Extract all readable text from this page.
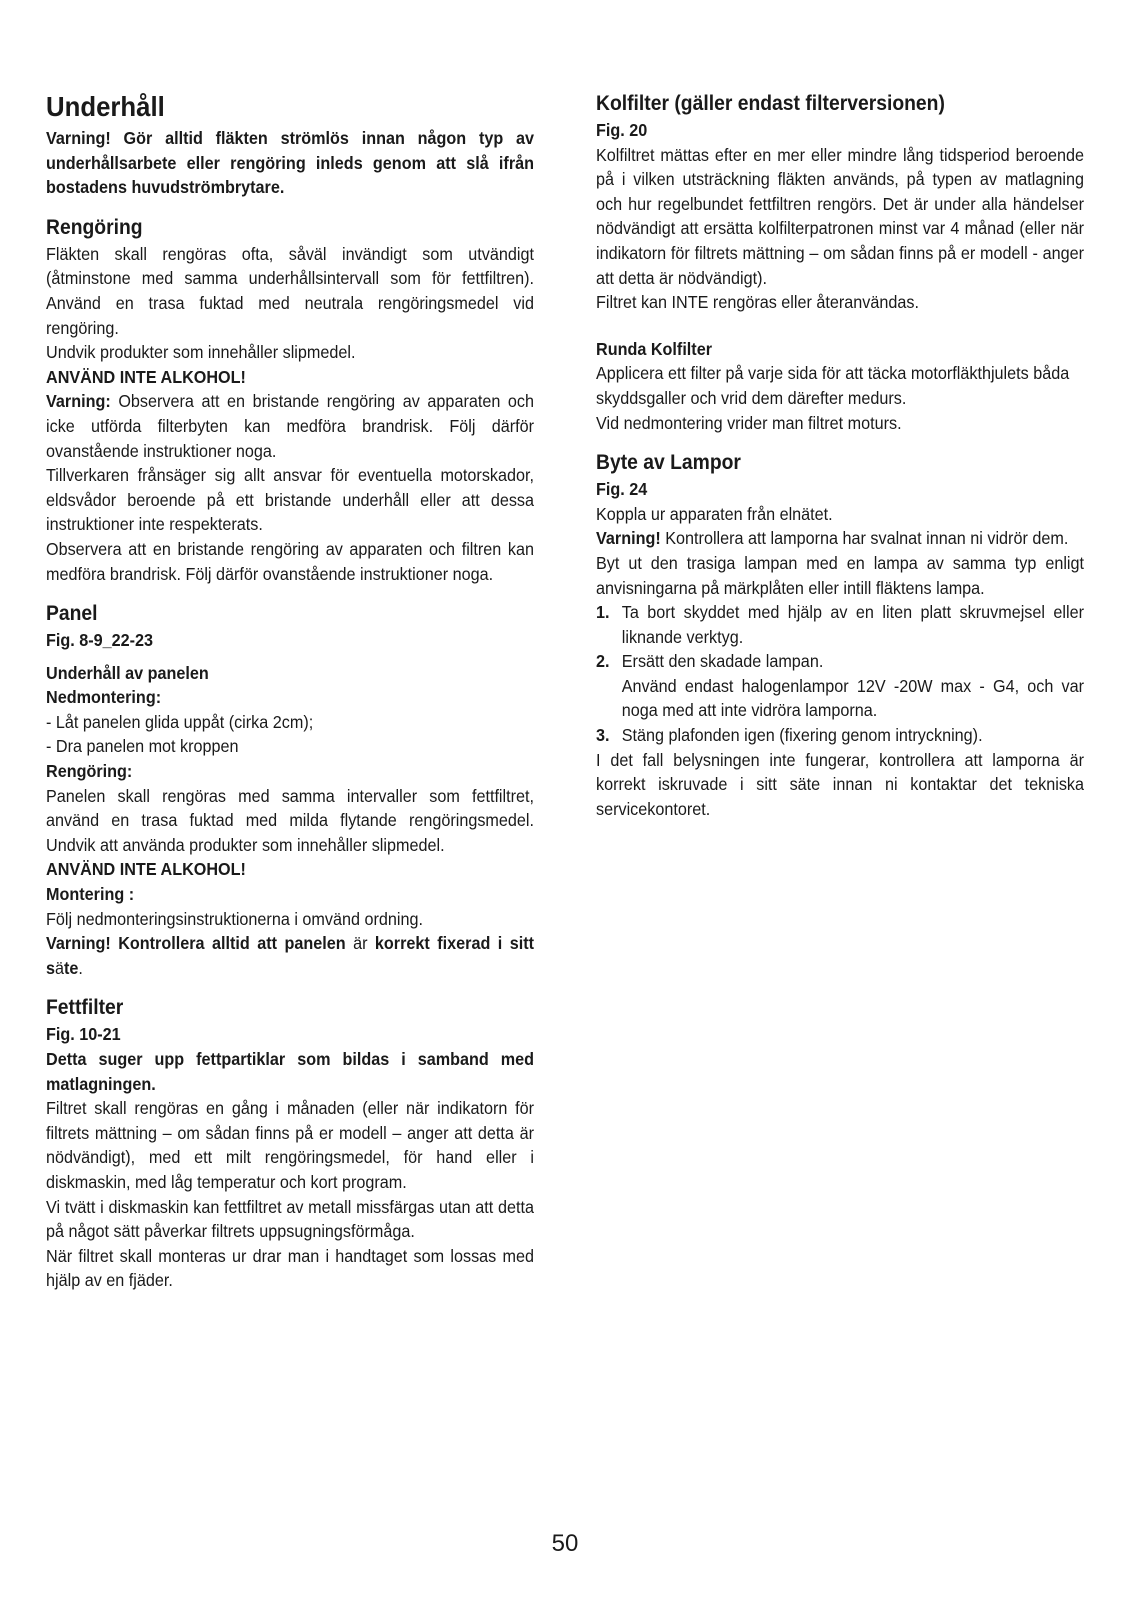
Underhåll

Varning! Gör alltid fläkten strömlös innan någon typ av underhållsarbete eller rengöring inleds genom att slå ifrån bostadens huvudströmbrytare.

Rengöring

Fläkten skall rengöras ofta, såväl invändigt som utvändigt (åtminstone med samma underhållsintervall som för fettfiltren). Använd en trasa fuktad med neutrala rengöringsmedel vid rengöring.

Undvik produkter som innehåller slipmedel.

ANVÄND INTE ALKOHOL!

Varning: Observera att en bristande rengöring av apparaten och icke utförda filterbyten kan medföra brandrisk. Följ därför ovanstående instruktioner noga.

Tillverkaren frånsäger sig allt ansvar för eventuella motorskador, eldsvådor beroende på ett bristande underhåll eller att dessa instruktioner inte respekterats.

Observera att en bristande rengöring av apparaten och filtren kan medföra brandrisk. Följ därför ovanstående instruktioner noga.

Panel

Fig. 8-9_22-23

Underhåll av panelen

Nedmontering:

- Låt panelen glida uppåt (cirka 2cm);

- Dra panelen mot kroppen

Rengöring:

Panelen skall rengöras med samma intervaller som fettfiltret, använd en trasa fuktad med milda flytande rengöringsmedel. Undvik att använda produkter som innehåller slipmedel.

ANVÄND INTE ALKOHOL!

Montering :

Följ nedmonteringsinstruktionerna i omvänd ordning.

Varning! Kontrollera alltid att panelen är korrekt fixerad i sitt säte.

Fettfilter

Fig. 10-21

Detta suger upp fettpartiklar som bildas i samband med matlagningen.

Filtret skall rengöras en gång i månaden (eller när indikatorn för filtrets mättning – om sådan finns på er modell – anger att detta är nödvändigt), med ett milt rengöringsmedel, för hand eller i diskmaskin, med låg temperatur och kort program.

Vi tvätt i diskmaskin kan fettfiltret av metall missfärgas utan att detta på något sätt påverkar filtrets uppsugningsförmåga.

När filtret skall monteras ur drar man i handtaget som lossas med hjälp av en fjäder.

Kolfilter (gäller endast filterversionen)

Fig. 20

Kolfiltret mättas efter en mer eller mindre lång tidsperiod beroende på i vilken utsträckning fläkten används, på typen av matlagning och hur regelbundet fettfiltren rengörs. Det är under alla händelser nödvändigt att ersätta kolfilterpatronen minst var 4 månad (eller när indikatorn för filtrets mättning – om sådan finns på er modell - anger att detta är nödvändigt).

Filtret kan INTE rengöras eller återanvändas.

Runda Kolfilter

Applicera ett filter på varje sida för att täcka motorfläkthjulets båda skyddsgaller och vrid dem därefter medurs.

Vid nedmontering vrider man filtret moturs.

Byte av Lampor

Fig. 24

Koppla ur apparaten från elnätet.

Varning! Kontrollera att lamporna har svalnat innan ni vidrör dem.

Byt ut den trasiga lampan med en lampa av samma typ enligt anvisningarna på märkplåten eller intill fläktens lampa.

1. Ta bort skyddet med hjälp av en liten platt skruvmejsel eller liknande verktyg.
2. Ersätt den skadade lampan.
Använd endast halogenlampor 12V -20W max - G4, och var noga med att inte vidröra lamporna.
3. Stäng plafonden igen (fixering genom intryckning).

I det fall belysningen inte fungerar, kontrollera att lamporna är korrekt iskruvade i sitt säte innan ni kontaktar det tekniska servicekontoret.

50
